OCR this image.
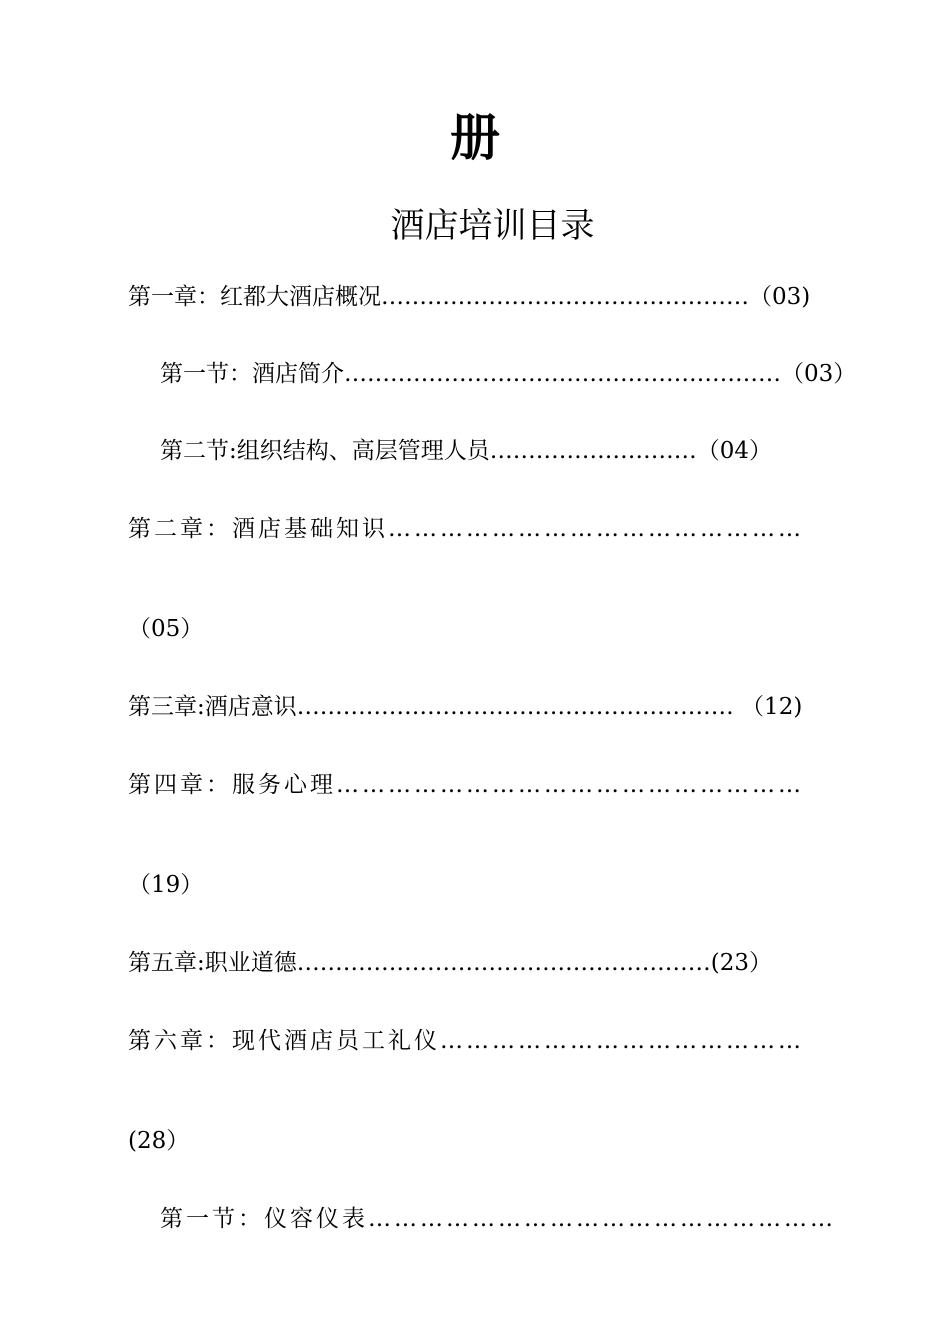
册
酒店培训目录
第一章：红都大酒店概况…………………………………………（03)
第一节：酒店简介…………………………………………………（03）
第二节:组织结构、高层管理人员………………………（04）
第二章：酒店基础知识…………………………………………
（05）
第三章:酒店意识………………………………………………… （12)
第四章：服务心理………………………………………………
（19）
第五章:职业道德………………………………………………(23）
第六章：现代酒店员工礼仪……………………………………
(28）
第一节：仪容仪表………………………………………………
